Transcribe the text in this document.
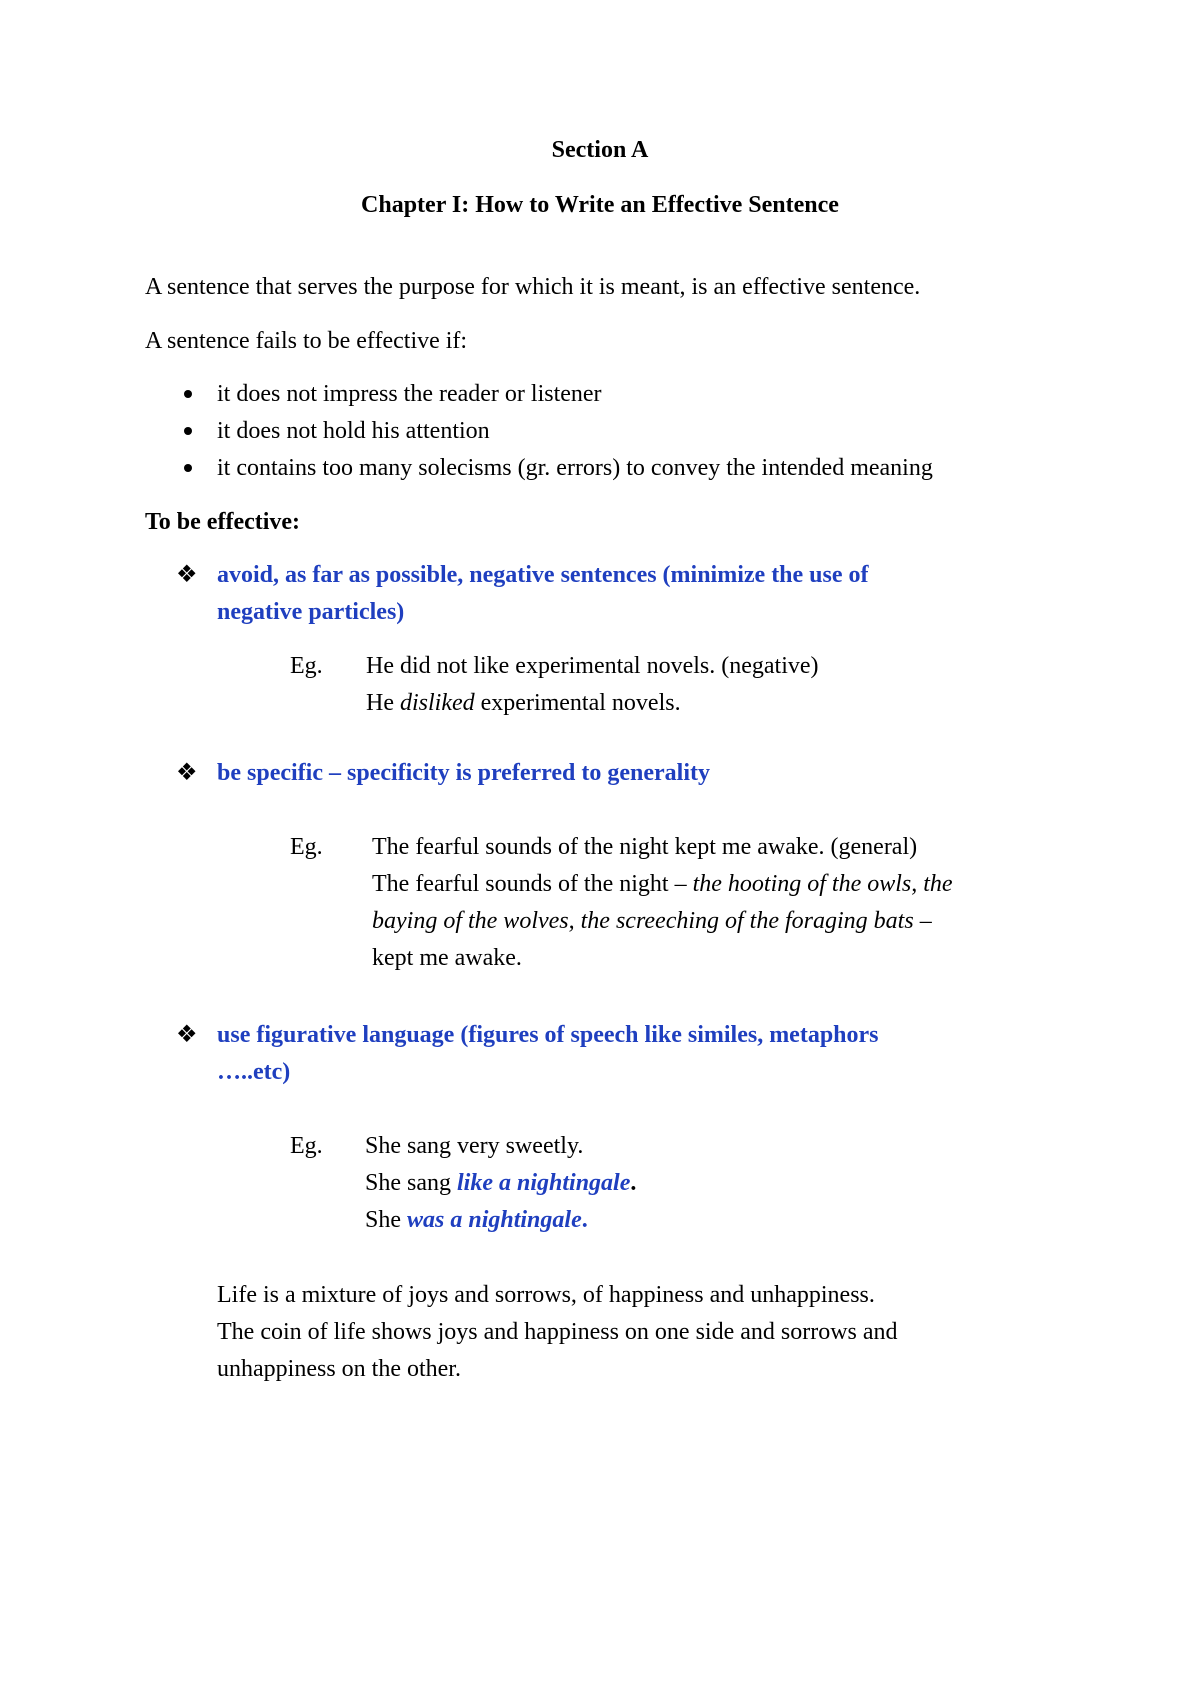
Section A
Chapter I: How to Write an Effective Sentence
A sentence that serves the purpose for which it is meant, is an effective sentence.
A sentence fails to be effective if:
it does not impress the reader or listener
it does not hold his attention
it contains too many solecisms (gr. errors) to convey the intended meaning
To be effective:
❖ avoid, as far as possible, negative sentences (minimize the use of
negative particles)
Eg. He did not like experimental novels. (negative)
He disliked experimental novels.
❖ be specific – specificity is preferred to generality
Eg. The fearful sounds of the night kept me awake. (general)
The fearful sounds of the night – the hooting of the owls, the
baying of the wolves, the screeching of the foraging bats –
kept me awake.
❖ use figurative language (figures of speech like similes, metaphors
…..etc)
Eg. She sang very sweetly.
She sang like a nightingale.
She was a nightingale.
Life is a mixture of joys and sorrows, of happiness and unhappiness.
The coin of life shows joys and happiness on one side and sorrows and
unhappiness on the other.
